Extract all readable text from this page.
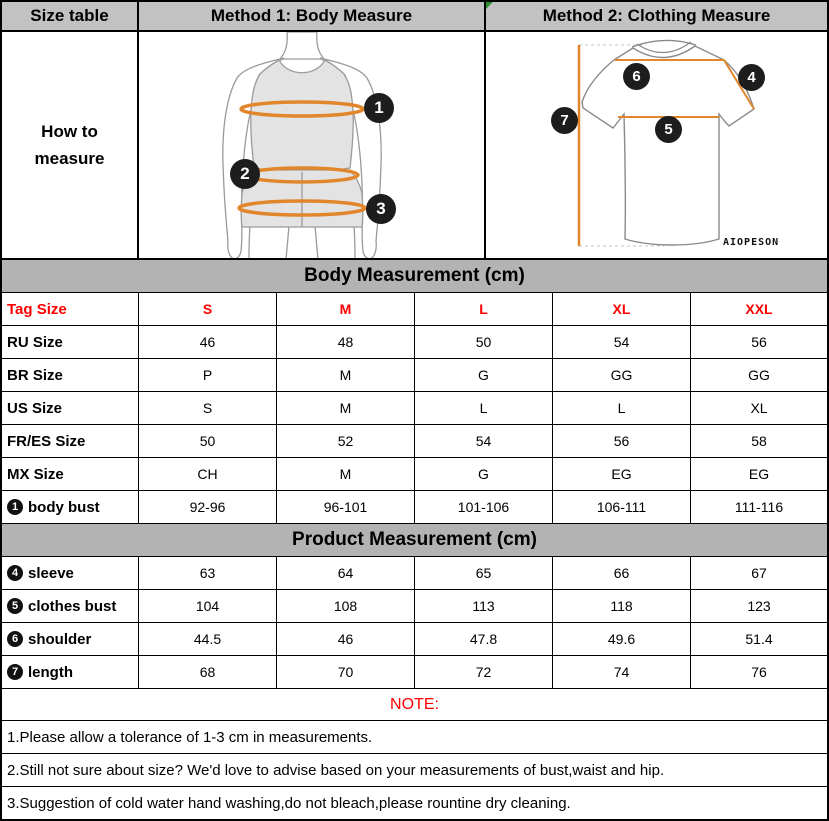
Size table	Method 1: Body Measure	Method 2: Clothing Measure
How to measure
1
2
3
6	4
7
5
AIOPESON
Body Measurement (cm)
Tag Size	S	M	L	XL	XXL
RU Size	46	48	50	54	56
BR Size	P	M	G	GG	GG
US Size	S	M	L	L	XL
FR/ES Size	50	52	54	56	58
MX Size	CH	M	G	EG	EG
1 body bust	92-96	96-101	101-106	106-111	111-116
Product Measurement (cm)
4 sleeve	63	64	65	66	67
5 clothes bust	104	108	113	118	123
6 shoulder	44.5	46	47.8	49.6	51.4
7 length	68	70	72	74	76
NOTE:
1.Please allow a tolerance of 1-3 cm in measurements.
2.Still not sure about size? We'd love to advise based on your measurements of bust,waist and hip.
3.Suggestion of cold water hand washing,do not bleach,please rountine dry cleaning.
